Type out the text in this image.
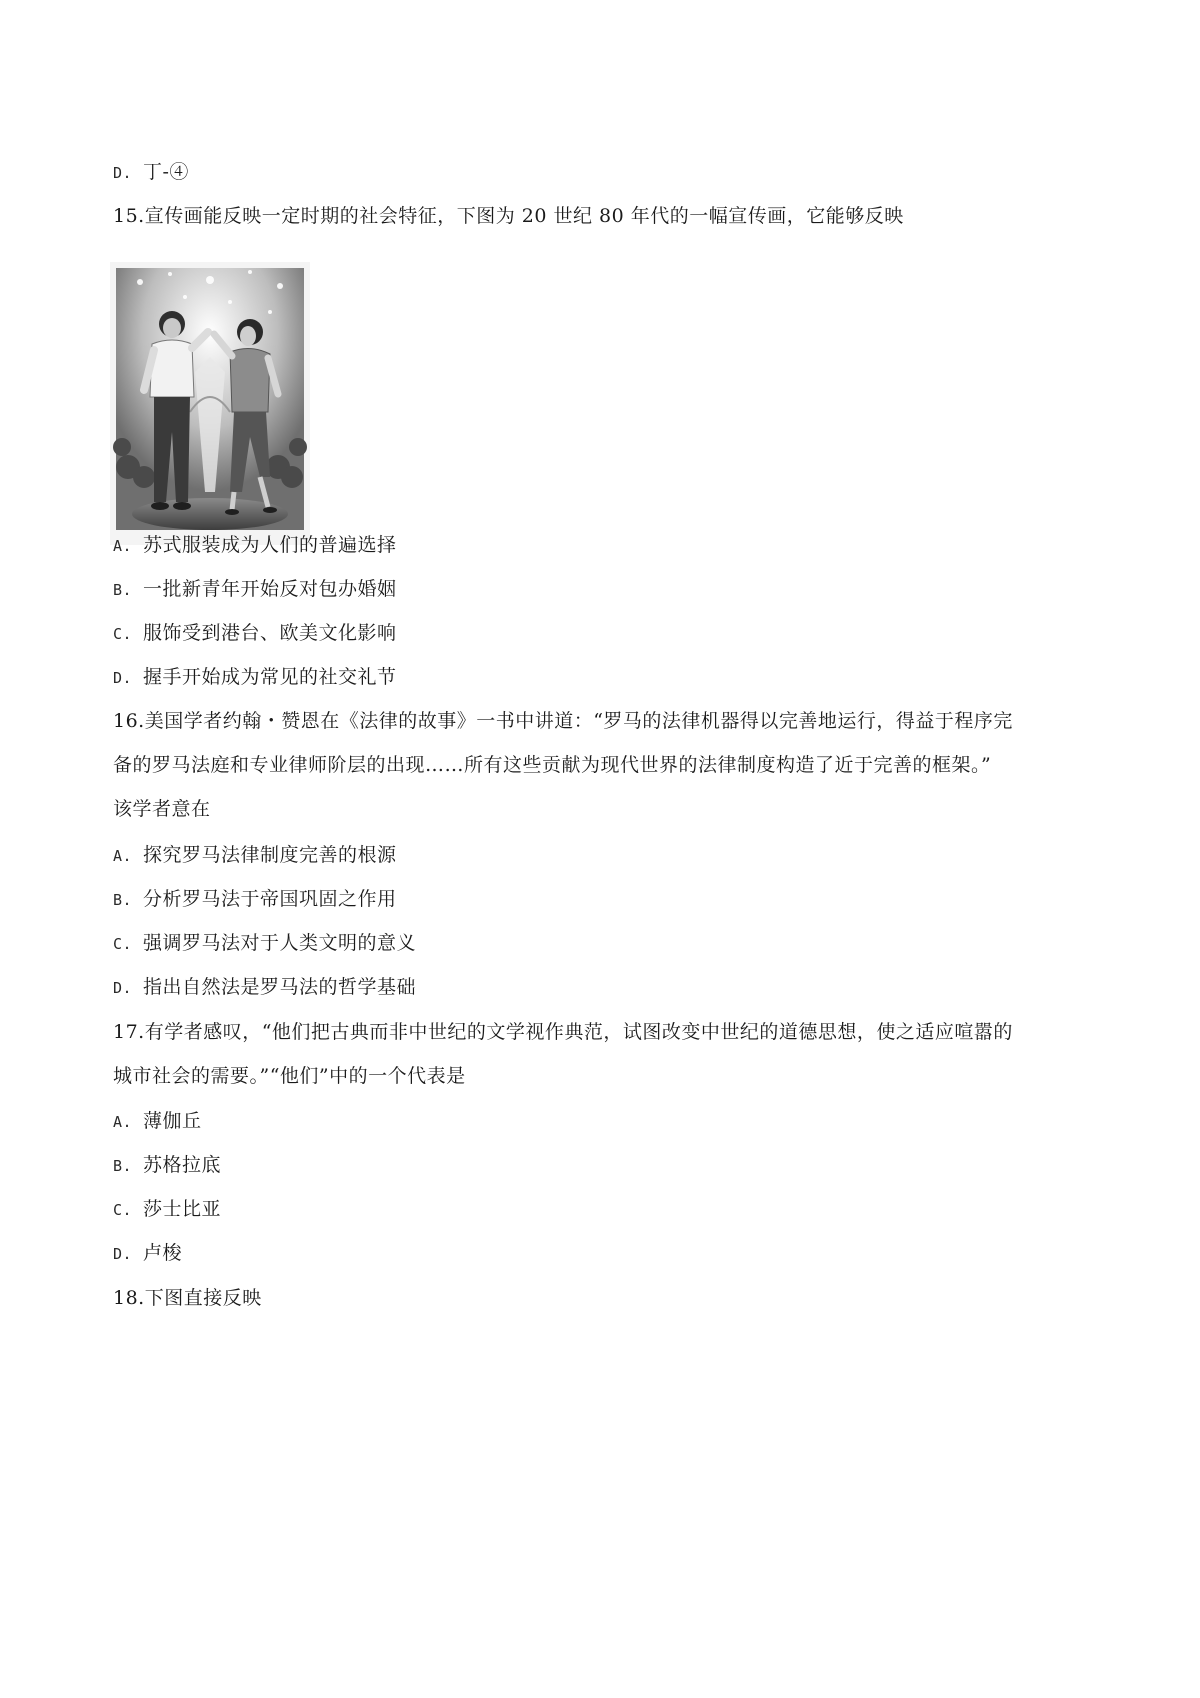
D. 丁-④
15.宣传画能反映一定时期的社会特征，下图为 20 世纪 80 年代的一幅宣传画，它能够反映
A. 苏式服装成为人们的普遍选择
B. 一批新青年开始反对包办婚姻
C. 服饰受到港台、欧美文化影响
D. 握手开始成为常见的社交礼节
16.美国学者约翰・赞恩在《法律的故事》一书中讲道：“罗马的法律机器得以完善地运行，得益于程序完
备的罗马法庭和专业律师阶层的出现……所有这些贡献为现代世界的法律制度构造了近于完善的框架。”
该学者意在
A. 探究罗马法律制度完善的根源
B. 分析罗马法于帝国巩固之作用
C. 强调罗马法对于人类文明的意义
D. 指出自然法是罗马法的哲学基础
17.有学者感叹，“他们把古典而非中世纪的文学视作典范，试图改变中世纪的道德思想，使之适应喧嚣的
城市社会的需要。”“他们”中的一个代表是
A. 薄伽丘
B. 苏格拉底
C. 莎士比亚
D. 卢梭
18.下图直接反映
